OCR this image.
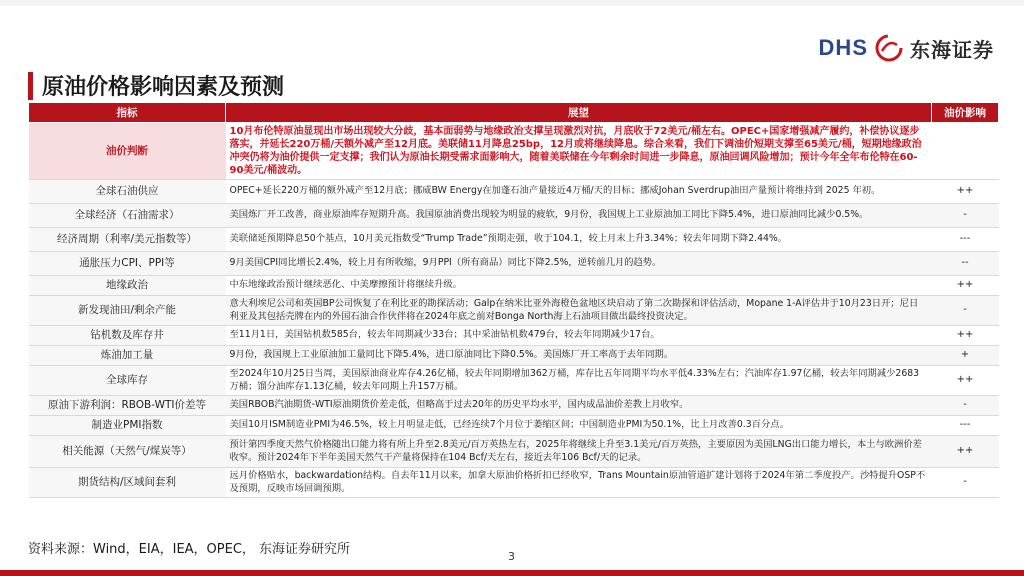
DHS 东海证券
原油价格影响因素及预测
指标	展望	油价影响
油价判断	10月布伦特原油显现出市场出现较大分歧，基本面弱势与地缘政治支撑呈现激烈对抗，月底收于72美元/桶左右。OPEC+国家增强减产履约，补偿协议逐步落实，并延长220万桶/天额外减产至12月底。美联储11月降息25bp，12月或将继续降息。综合来看，我们下调油价短期支撑至65美元/桶，短期地缘政治冲突仍将为油价提供一定支撑；我们认为原油长期受需求面影响大，随着美联储在今年剩余时间进一步降息，原油回调风险增加；预计今年全年布伦特在60-90美元/桶波动。	
全球石油供应	OPEC+延长220万桶的额外减产至12月底；挪威BW Energy在加蓬石油产量接近4万桶/天的目标；挪威Johan Sverdrup油田产量预计将维持到 2025 年初。	++
全球经济（石油需求）	美国炼厂开工改善，商业原油库存短期升高。我国原油消费出现较为明显的疲软，9月份，我国规上工业原油加工同比下降5.4%，进口原油同比减少0.5%。	-
经济周期（利率/美元指数等）	美联储延预期降息50个基点，10月美元指数受“Trump Trade”预期走强，收于104.1，较上月末上升3.34%；较去年同期下降2.44%。	---
通胀压力CPI、PPI等	9月美国CPI同比增长2.4%，较上月有所收缩，9月PPI（所有商品）同比下降2.5%，逆转前几月的趋势。	--
地缘政治	中东地缘政治预计继续恶化、中美摩擦预计将继续升级。	++
新发现油田/剩余产能	意大利埃尼公司和英国BP公司恢复了在利比亚的勘探活动；Galp在纳米比亚外海橙色盆地区块启动了第二次勘探和评估活动，Mopane 1-A评估井于10月23日开；尼日利亚及其包括壳牌在内的外国石油合作伙伴将在2024年底之前对Bonga North海上石油项目做出最终投资决定。	-
钻机数及库存井	至11月1日，美国钻机数585台，较去年同期减少33台；其中采油钻机数479台，较去年同期减少17台。	++
炼油加工量	9月份，我国规上工业原油加工量同比下降5.4%，进口原油同比下降0.5%。美国炼厂开工率高于去年同期。	+
全球库存	至2024年10月25日当周，美国原油商业库存4.26亿桶，较去年同期增加362万桶，库存比五年同期平均水平低4.33%左右；汽油库存1.97亿桶，较去年同期减少2683万桶；馏分油库存1.13亿桶，较去年同期上升157万桶。	++
原油下游利润：RBOB-WTI价差等	美国RBOB汽油期货-WTI原油期货价差走低，但略高于过去20年的历史平均水平，国内成品油价差教上月收窄。	-
制造业PMI指数	美国10月ISM制造业PMI为46.5%，较上月明显走低，已经连续7个月位于萎缩区间；中国制造业PMI为50.1%，比上月改善0.3百分点。	---
相关能源（天然气/煤炭等）	预计第四季度天然气价格随出口能力将有所上升至2.8美元/百万英热左右，2025年将继续上升至3.1美元/百万英热，主要原因为美国LNG出口能力增长，本土与欧洲价差收窄。预计2024年下半年美国天然气干产量将保持在104 Bcf/天左右，接近去年106 Bcf/天的记录。	++
期货结构/区域间套利	远月价格贴水，backwardation结构。自去年11月以来，加拿大原油价格折扣已经收窄，Trans Mountain原油管道扩建计划将于2024年第二季度投产。沙特提升OSP不及预期，反映市场回调预期。	-
资料来源：Wind，EIA，IEA，OPEC， 东海证券研究所	3
